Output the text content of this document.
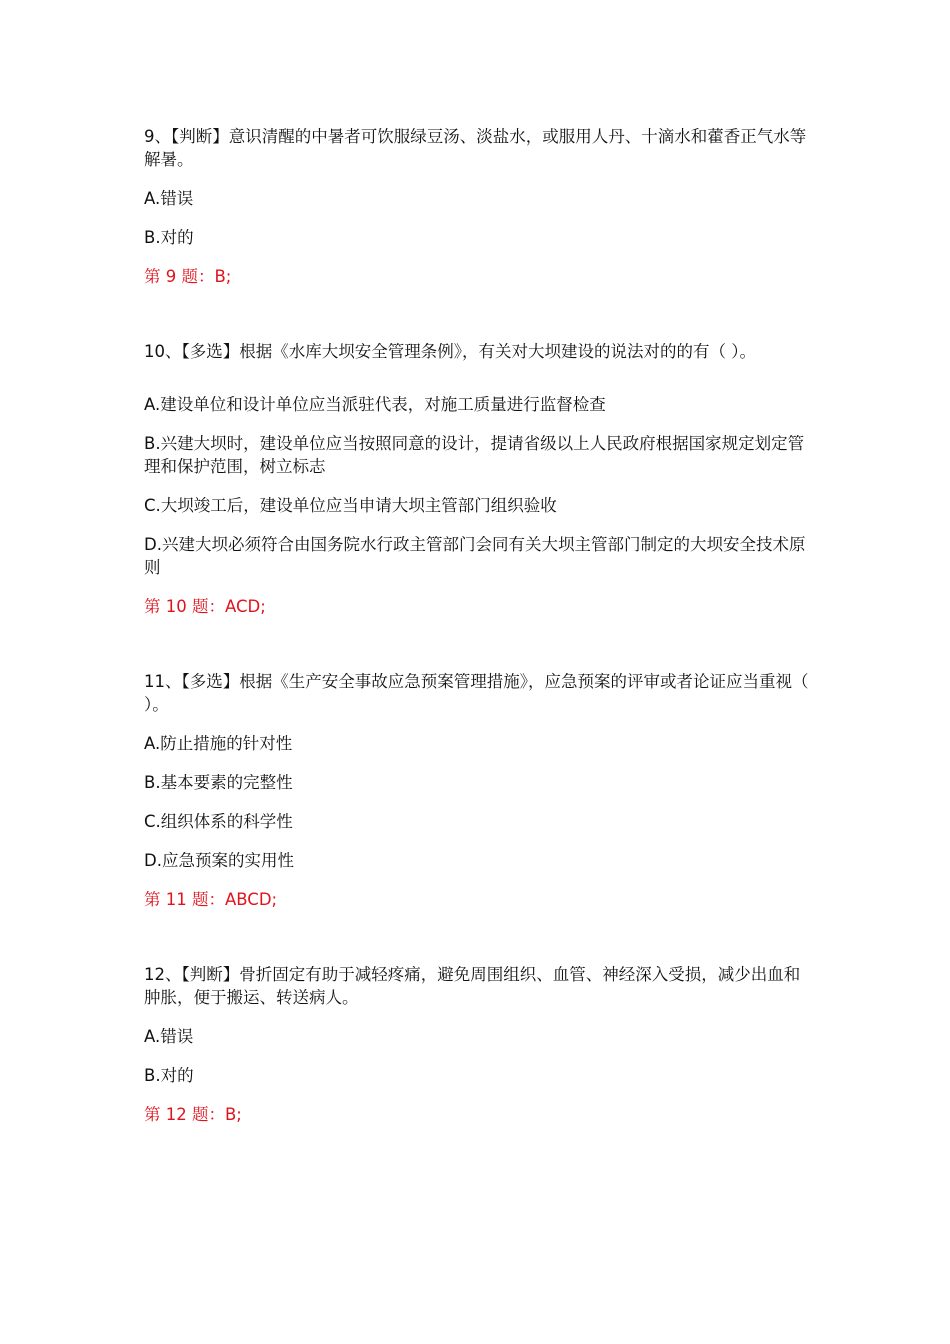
9、【判断】意识清醒的中暑者可饮服绿豆汤、淡盐水，或服用人丹、十滴水和藿香正气水等解暑。

A.错误

B.对的

第 9 题：B;

10、【多选】根据《水库大坝安全管理条例》，有关对大坝建设的说法对的的有（ ）。

A.建设单位和设计单位应当派驻代表，对施工质量进行监督检查

B.兴建大坝时，建设单位应当按照同意的设计，提请省级以上人民政府根据国家规定划定管理和保护范围，树立标志

C.大坝竣工后，建设单位应当申请大坝主管部门组织验收

D.兴建大坝必须符合由国务院水行政主管部门会同有关大坝主管部门制定的大坝安全技术原则

第 10 题：ACD;

11、【多选】根据《生产安全事故应急预案管理措施》，应急预案的评审或者论证应当重视（ ）。

A.防止措施的针对性

B.基本要素的完整性

C.组织体系的科学性

D.应急预案的实用性

第 11 题：ABCD;

12、【判断】骨折固定有助于减轻疼痛，避免周围组织、血管、神经深入受损，减少出血和肿胀，便于搬运、转送病人。

A.错误

B.对的

第 12 题：B;
